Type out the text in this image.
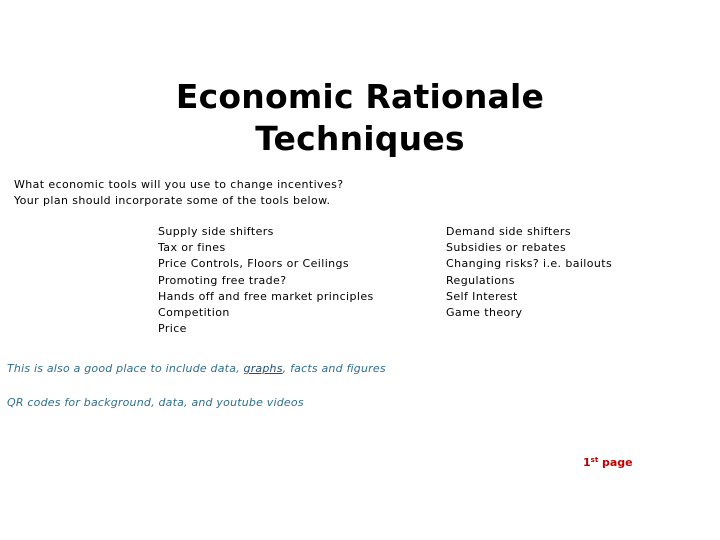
Economic Rationale
Techniques
What economic tools will you use to change incentives?
Your plan should incorporate some of the tools below.
Supply side shifters
Tax or fines
Price Controls, Floors or Ceilings
Promoting free trade?
Hands off and free market principles
Competition
Price
Demand side shifters
Subsidies or rebates
Changing risks? i.e. bailouts
Regulations
Self Interest
Game theory
This is also a good place to include data, graphs, facts and figures
QR codes for background, data, and youtube videos
1st page
